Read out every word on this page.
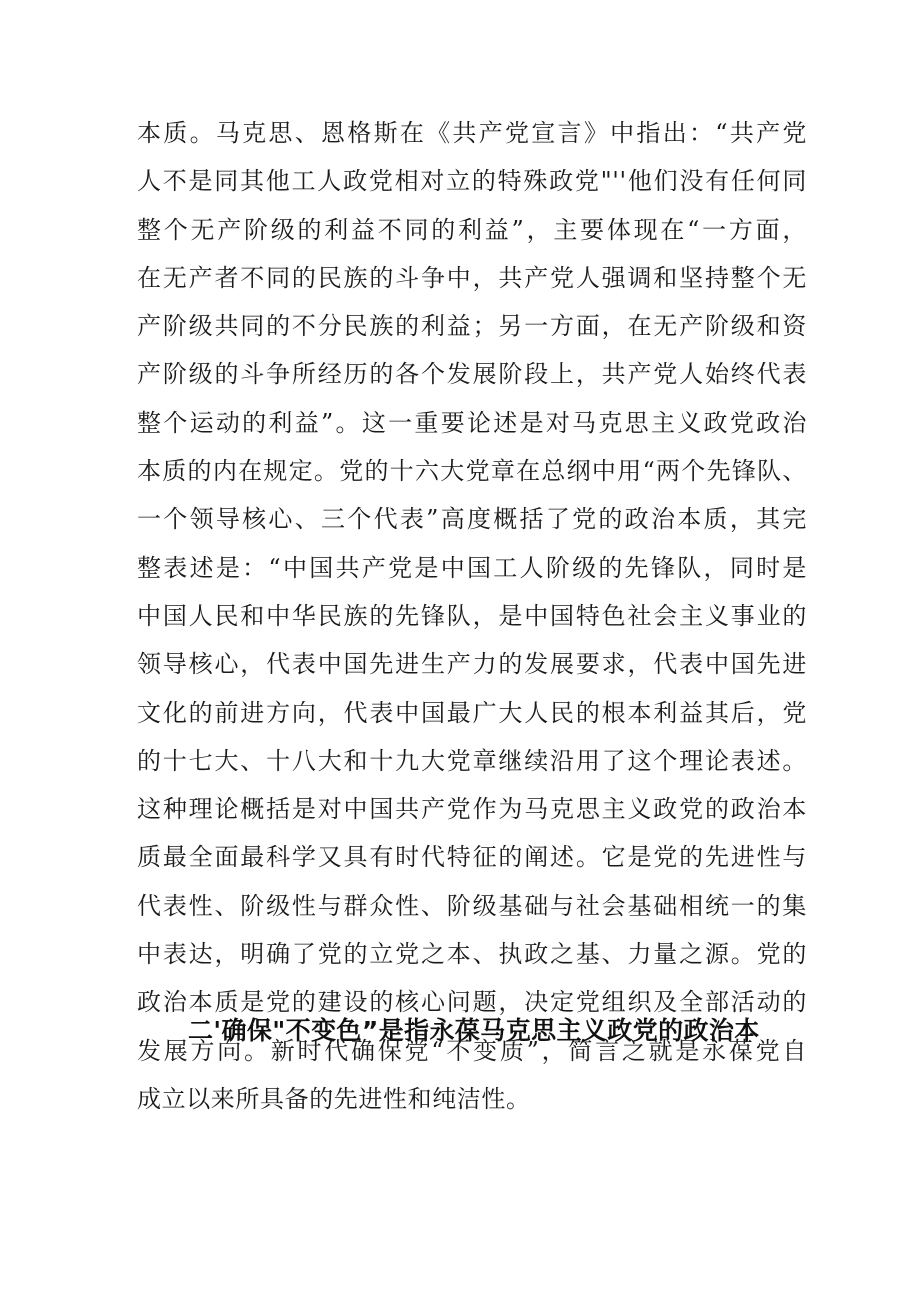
本质。马克思、恩格斯在《共产党宣言》中指出：“共产党
人不是同其他工人政党相对立的特殊政党"''他们没有任何同
整个无产阶级的利益不同的利益”，主要体现在“一方面，
在无产者不同的民族的斗争中，共产党人强调和坚持整个无
产阶级共同的不分民族的利益；另一方面，在无产阶级和资
产阶级的斗争所经历的各个发展阶段上，共产党人始终代表
整个运动的利益”。这一重要论述是对马克思主义政党政治
本质的内在规定。党的十六大党章在总纲中用“两个先锋队、
一个领导核心、三个代表”高度概括了党的政治本质，其完
整表述是：“中国共产党是中国工人阶级的先锋队，同时是
中国人民和中华民族的先锋队，是中国特色社会主义事业的
领导核心，代表中国先进生产力的发展要求，代表中国先进
文化的前进方向，代表中国最广大人民的根本利益其后，党
的十七大、十八大和十九大党章继续沿用了这个理论表述。
这种理论概括是对中国共产党作为马克思主义政党的政治本
质最全面最科学又具有时代特征的阐述。它是党的先进性与
代表性、阶级性与群众性、阶级基础与社会基础相统一的集
中表达，明确了党的立党之本、执政之基、力量之源。党的
政治本质是党的建设的核心问题，决定党组织及全部活动的
发展方向。新时代确保党“不变质”，简言之就是永葆党自
成立以来所具备的先进性和纯洁性。
二'确保"不变色”是指永葆马克思主义政党的政治本
